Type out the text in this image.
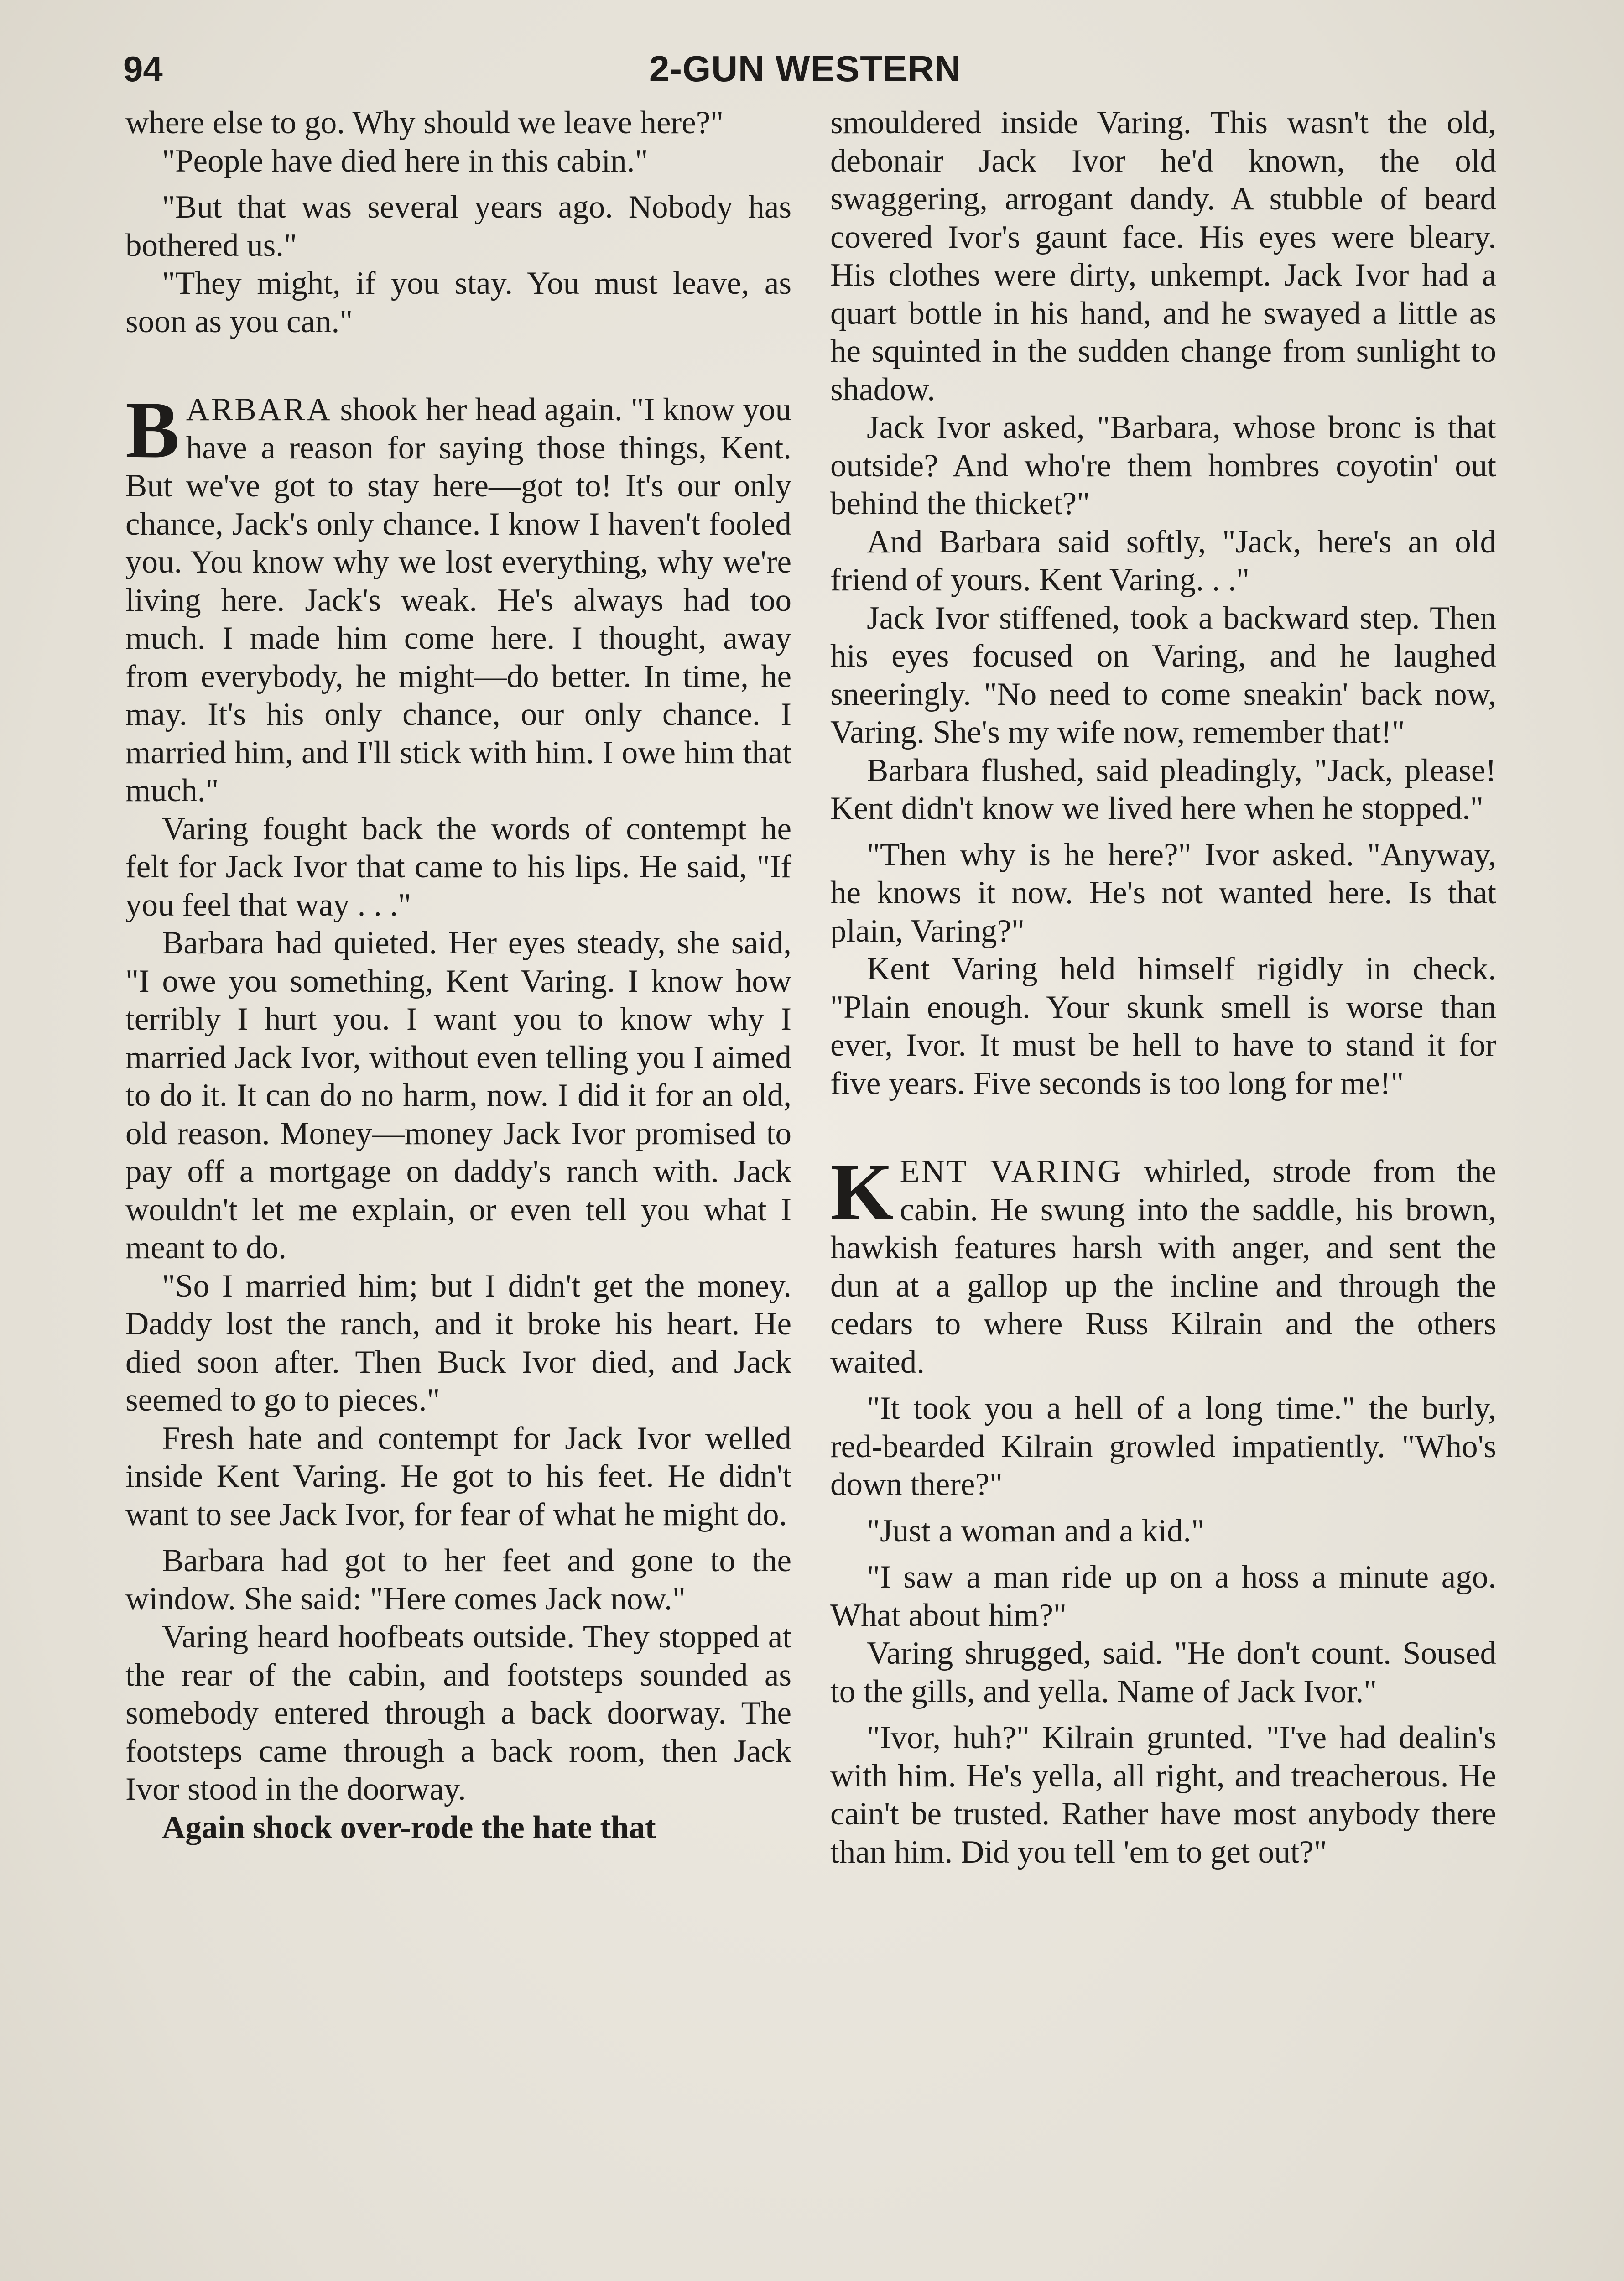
94	2-GUN WESTERN

where else to go. Why should we leave here?"

"People have died here in this cabin."

"But that was several years ago. Nobody has bothered us."

"They might, if you stay. You must leave, as soon as you can."

BARBARA shook her head again. "I know you have a reason for saying those things, Kent. But we've got to stay here—got to! It's our only chance, Jack's only chance. I know I haven't fooled you. You know why we lost everything, why we're living here. Jack's weak. He's always had too much. I made him come here. I thought, away from everybody, he might—do better. In time, he may. It's his only chance, our only chance. I married him, and I'll stick with him. I owe him that much."

Varing fought back the words of contempt he felt for Jack Ivor that came to his lips. He said, "If you feel that way . . ."

Barbara had quieted. Her eyes steady, she said, "I owe you something, Kent Varing. I know how terribly I hurt you. I want you to know why I married Jack Ivor, without even telling you I aimed to do it. It can do no harm, now. I did it for an old, old reason. Money—money Jack Ivor promised to pay off a mortgage on daddy's ranch with. Jack wouldn't let me explain, or even tell you what I meant to do.

"So I married him; but I didn't get the money. Daddy lost the ranch, and it broke his heart. He died soon after. Then Buck Ivor died, and Jack seemed to go to pieces."

Fresh hate and contempt for Jack Ivor welled inside Kent Varing. He got to his feet. He didn't want to see Jack Ivor, for fear of what he might do.

Barbara had got to her feet and gone to the window. She said: "Here comes Jack now."

Varing heard hoofbeats outside. They stopped at the rear of the cabin, and footsteps sounded as somebody entered through a back doorway. The footsteps came through a back room, then Jack Ivor stood in the doorway.

Again shock over-rode the hate that

smouldered inside Varing. This wasn't the old, debonair Jack Ivor he'd known, the old swaggering, arrogant dandy. A stubble of beard covered Ivor's gaunt face. His eyes were bleary. His clothes were dirty, unkempt. Jack Ivor had a quart bottle in his hand, and he swayed a little as he squinted in the sudden change from sunlight to shadow.

Jack Ivor asked, "Barbara, whose bronc is that outside? And who're them hombres coyotin' out behind the thicket?"

And Barbara said softly, "Jack, here's an old friend of yours. Kent Varing. . ."

Jack Ivor stiffened, took a backward step. Then his eyes focused on Varing, and he laughed sneeringly. "No need to come sneakin' back now, Varing. She's my wife now, remember that!"

Barbara flushed, said pleadingly, "Jack, please! Kent didn't know we lived here when he stopped."

"Then why is he here?" Ivor asked. "Anyway, he knows it now. He's not wanted here. Is that plain, Varing?"

Kent Varing held himself rigidly in check. "Plain enough. Your skunk smell is worse than ever, Ivor. It must be hell to have to stand it for five years. Five seconds is too long for me!"

KENT VARING whirled, strode from the cabin. He swung into the saddle, his brown, hawkish features harsh with anger, and sent the dun at a gallop up the incline and through the cedars to where Russ Kilrain and the others waited.

"It took you a hell of a long time." the burly, red-bearded Kilrain growled impatiently. "Who's down there?"

"Just a woman and a kid."

"I saw a man ride up on a hoss a minute ago. What about him?"

Varing shrugged, said. "He don't count. Soused to the gills, and yella. Name of Jack Ivor."

"Ivor, huh?" Kilrain grunted. "I've had dealin's with him. He's yella, all right, and treacherous. He cain't be trusted. Rather have most anybody there than him. Did you tell 'em to get out?"
